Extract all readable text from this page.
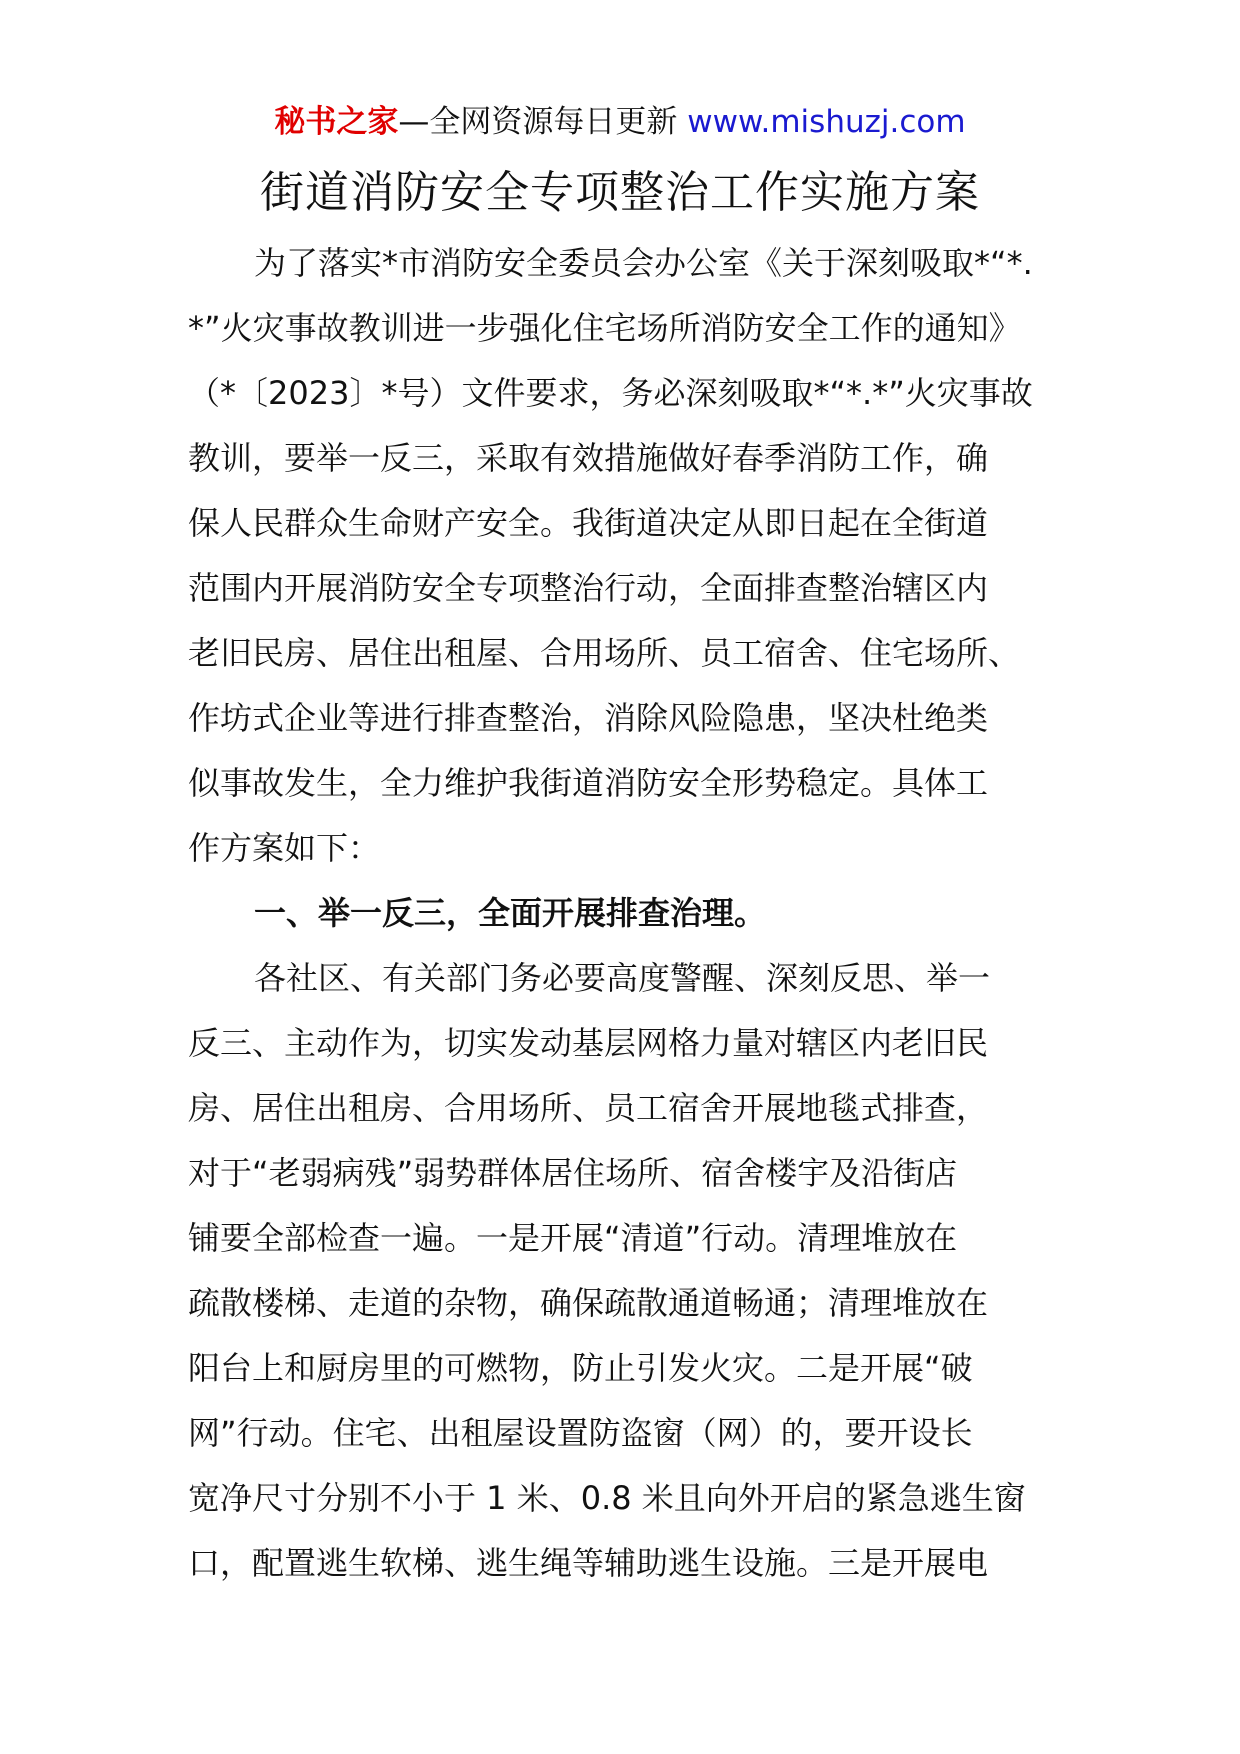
秘书之家—全网资源每日更新 www.mishuzj.com
街道消防安全专项整治工作实施方案
为了落实*市消防安全委员会办公室《关于深刻吸取*“*.
*”火灾事故教训进一步强化住宅场所消防安全工作的通知》
（*〔2023〕*号）文件要求，务必深刻吸取*“*.*”火灾事故
教训，要举一反三，采取有效措施做好春季消防工作，确
保人民群众生命财产安全。我街道决定从即日起在全街道
范围内开展消防安全专项整治行动，全面排查整治辖区内
老旧民房、居住出租屋、合用场所、员工宿舍、住宅场所、
作坊式企业等进行排查整治，消除风险隐患，坚决杜绝类
似事故发生，全力维护我街道消防安全形势稳定。具体工
作方案如下：
一、举一反三，全面开展排查治理。
各社区、有关部门务必要高度警醒、深刻反思、举一
反三、主动作为，切实发动基层网格力量对辖区内老旧民
房、居住出租房、合用场所、员工宿舍开展地毯式排查，
对于“老弱病残”弱势群体居住场所、宿舍楼宇及沿街店
铺要全部检查一遍。一是开展“清道”行动。清理堆放在
疏散楼梯、走道的杂物，确保疏散通道畅通；清理堆放在
阳台上和厨房里的可燃物，防止引发火灾。二是开展“破
网”行动。住宅、出租屋设置防盗窗（网）的，要开设长
宽净尺寸分别不小于 1 米、0.8 米且向外开启的紧急逃生窗
口，配置逃生软梯、逃生绳等辅助逃生设施。三是开展电
